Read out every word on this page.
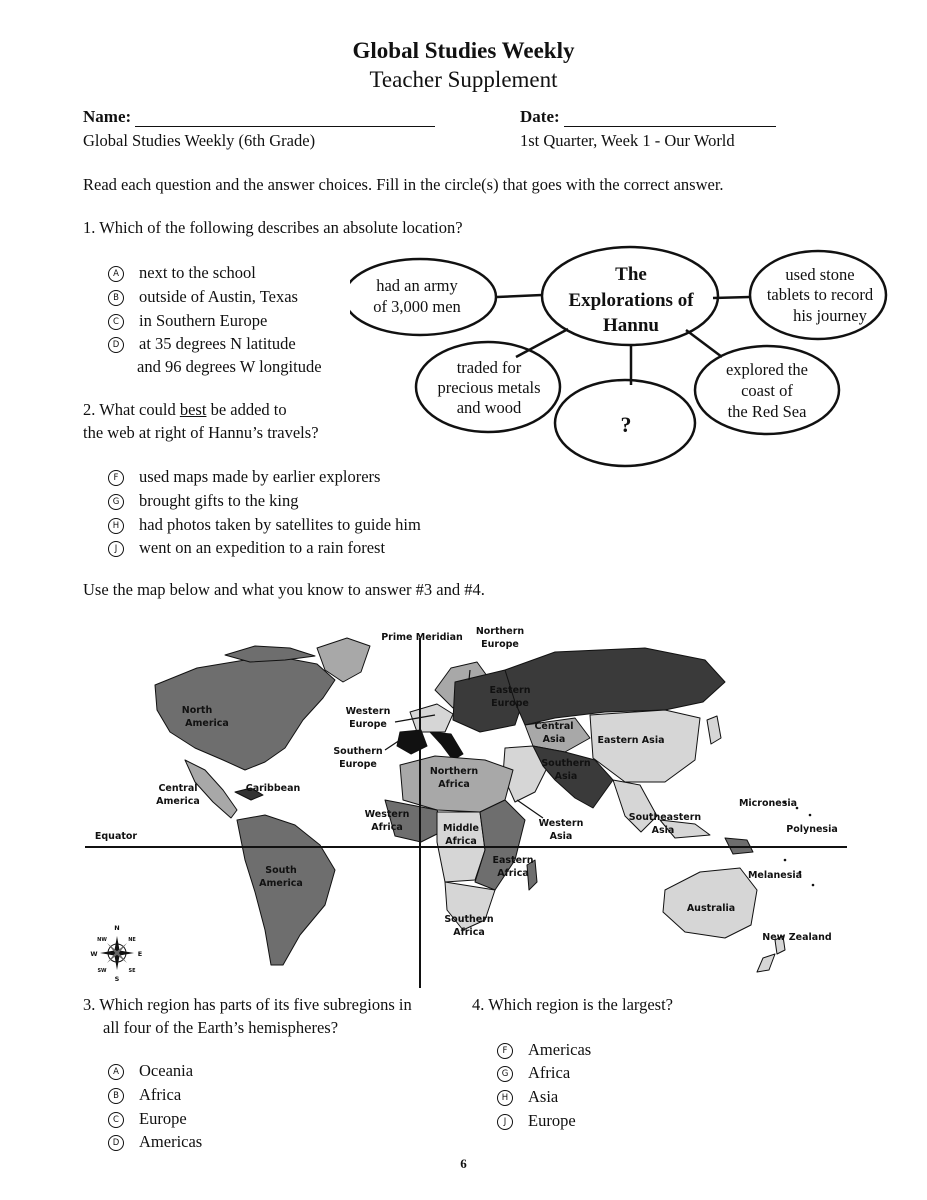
Global Studies Weekly
Teacher Supplement
Name:	Date:
Global Studies Weekly (6th Grade)	1st Quarter, Week 1 - Our World
Read each question and the answer choices. Fill in the circle(s) that goes with the correct answer.
1. Which of the following describes an absolute location?
A next to the school
B outside of Austin, Texas
C in Southern Europe
D at 35 degrees N latitude
and 96 degrees W longitude
The
Explorations of
Hannu
had an army
of 3,000 men
used stone
tablets to record
his journey
traded for
precious metals
and wood
?
explored the
coast of
the Red Sea
2. What could best be added to
the web at right of Hannu’s travels?
F used maps made by earlier explorers
G brought gifts to the king
H had photos taken by satellites to guide him
J went on an expedition to a rain forest
Use the map below and what you know to answer #3 and #4.
N
S
E
W
NW	NE
SW	SE
Prime Meridian
Northern
Europe
Eastern
Europe
Western
Europe
Southern
Europe
North
America
Central
America
Caribbean
Central
Asia	Eastern Asia
Southern
Asia
Northern
Africa
Western
Africa	Middle
Africa
Western
Asia
Southeastern
Asia
Micronesia
Polynesia
Equator
South
America
Eastern
Africa	Melanesia
Australia
Southern
Africa	New Zealand
3. Which region has parts of its five subregions in
all four of the Earth’s hemispheres?
A Oceania
B Africa
C Europe
D Americas
4. Which region is the largest?
F Americas
G Africa
H Asia
J Europe
6
